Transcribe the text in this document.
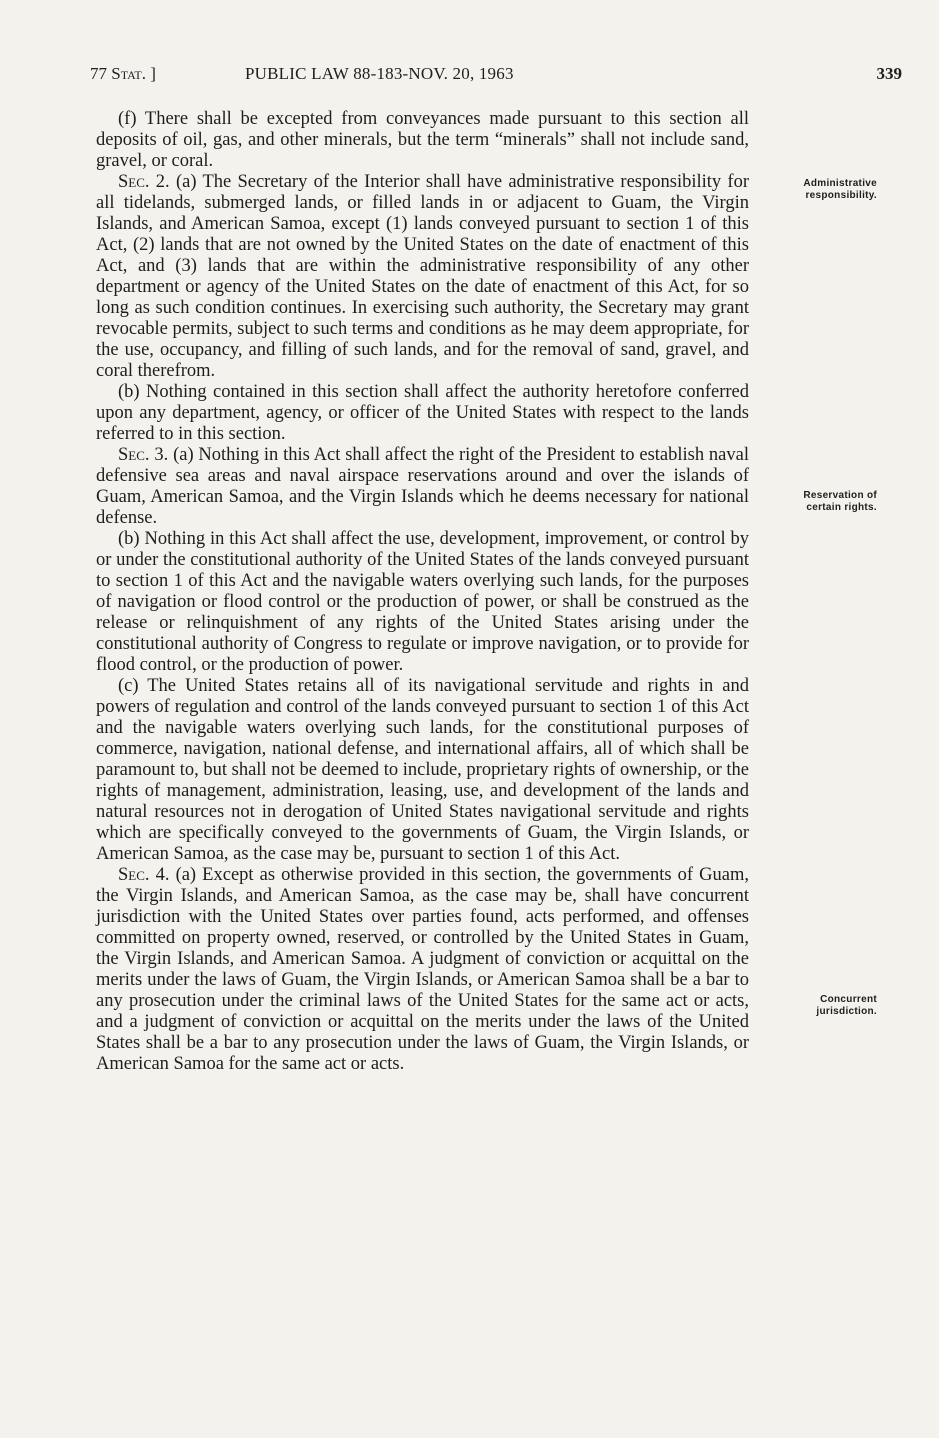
77 Stat. ]	PUBLIC LAW 88-183-NOV. 20, 1963	339

(f) There shall be excepted from conveyances made pursuant to this section all deposits of oil, gas, and other minerals, but the term “minerals” shall not include sand, gravel, or coral.

Sec. 2. (a) The Secretary of the Interior shall have administrative responsibility for all tidelands, submerged lands, or filled lands in or adjacent to Guam, the Virgin Islands, and American Samoa, except (1) lands conveyed pursuant to section 1 of this Act, (2) lands that are not owned by the United States on the date of enactment of this Act, and (3) lands that are within the administrative responsibility of any other department or agency of the United States on the date of enactment of this Act, for so long as such condition continues. In exercising such authority, the Secretary may grant revocable permits, subject to such terms and conditions as he may deem appropriate, for the use, occupancy, and filling of such lands, and for the removal of sand, gravel, and coral therefrom.

(b) Nothing contained in this section shall affect the authority heretofore conferred upon any department, agency, or officer of the United States with respect to the lands referred to in this section.

Sec. 3. (a) Nothing in this Act shall affect the right of the President to establish naval defensive sea areas and naval airspace reservations around and over the islands of Guam, American Samoa, and the Virgin Islands which he deems necessary for national defense.

(b) Nothing in this Act shall affect the use, development, improvement, or control by or under the constitutional authority of the United States of the lands conveyed pursuant to section 1 of this Act and the navigable waters overlying such lands, for the purposes of navigation or flood control or the production of power, or shall be construed as the release or relinquishment of any rights of the United States arising under the constitutional authority of Congress to regulate or improve navigation, or to provide for flood control, or the production of power.

(c) The United States retains all of its navigational servitude and rights in and powers of regulation and control of the lands conveyed pursuant to section 1 of this Act and the navigable waters overlying such lands, for the constitutional purposes of commerce, navigation, national defense, and international affairs, all of which shall be paramount to, but shall not be deemed to include, proprietary rights of ownership, or the rights of management, administration, leasing, use, and development of the lands and natural resources not in derogation of United States navigational servitude and rights which are specifically conveyed to the governments of Guam, the Virgin Islands, or American Samoa, as the case may be, pursuant to section 1 of this Act.

Sec. 4. (a) Except as otherwise provided in this section, the governments of Guam, the Virgin Islands, and American Samoa, as the case may be, shall have concurrent jurisdiction with the United States over parties found, acts performed, and offenses committed on property owned, reserved, or controlled by the United States in Guam, the Virgin Islands, and American Samoa. A judgment of conviction or acquittal on the merits under the laws of Guam, the Virgin Islands, or American Samoa shall be a bar to any prosecution under the criminal laws of the United States for the same act or acts, and a judgment of conviction or acquittal on the merits under the laws of the United States shall be a bar to any prosecution under the laws of Guam, the Virgin Islands, or American Samoa for the same act or acts.

Administrative
responsibility.
Reservation of
certain rights.
Concurrent
jurisdiction.
